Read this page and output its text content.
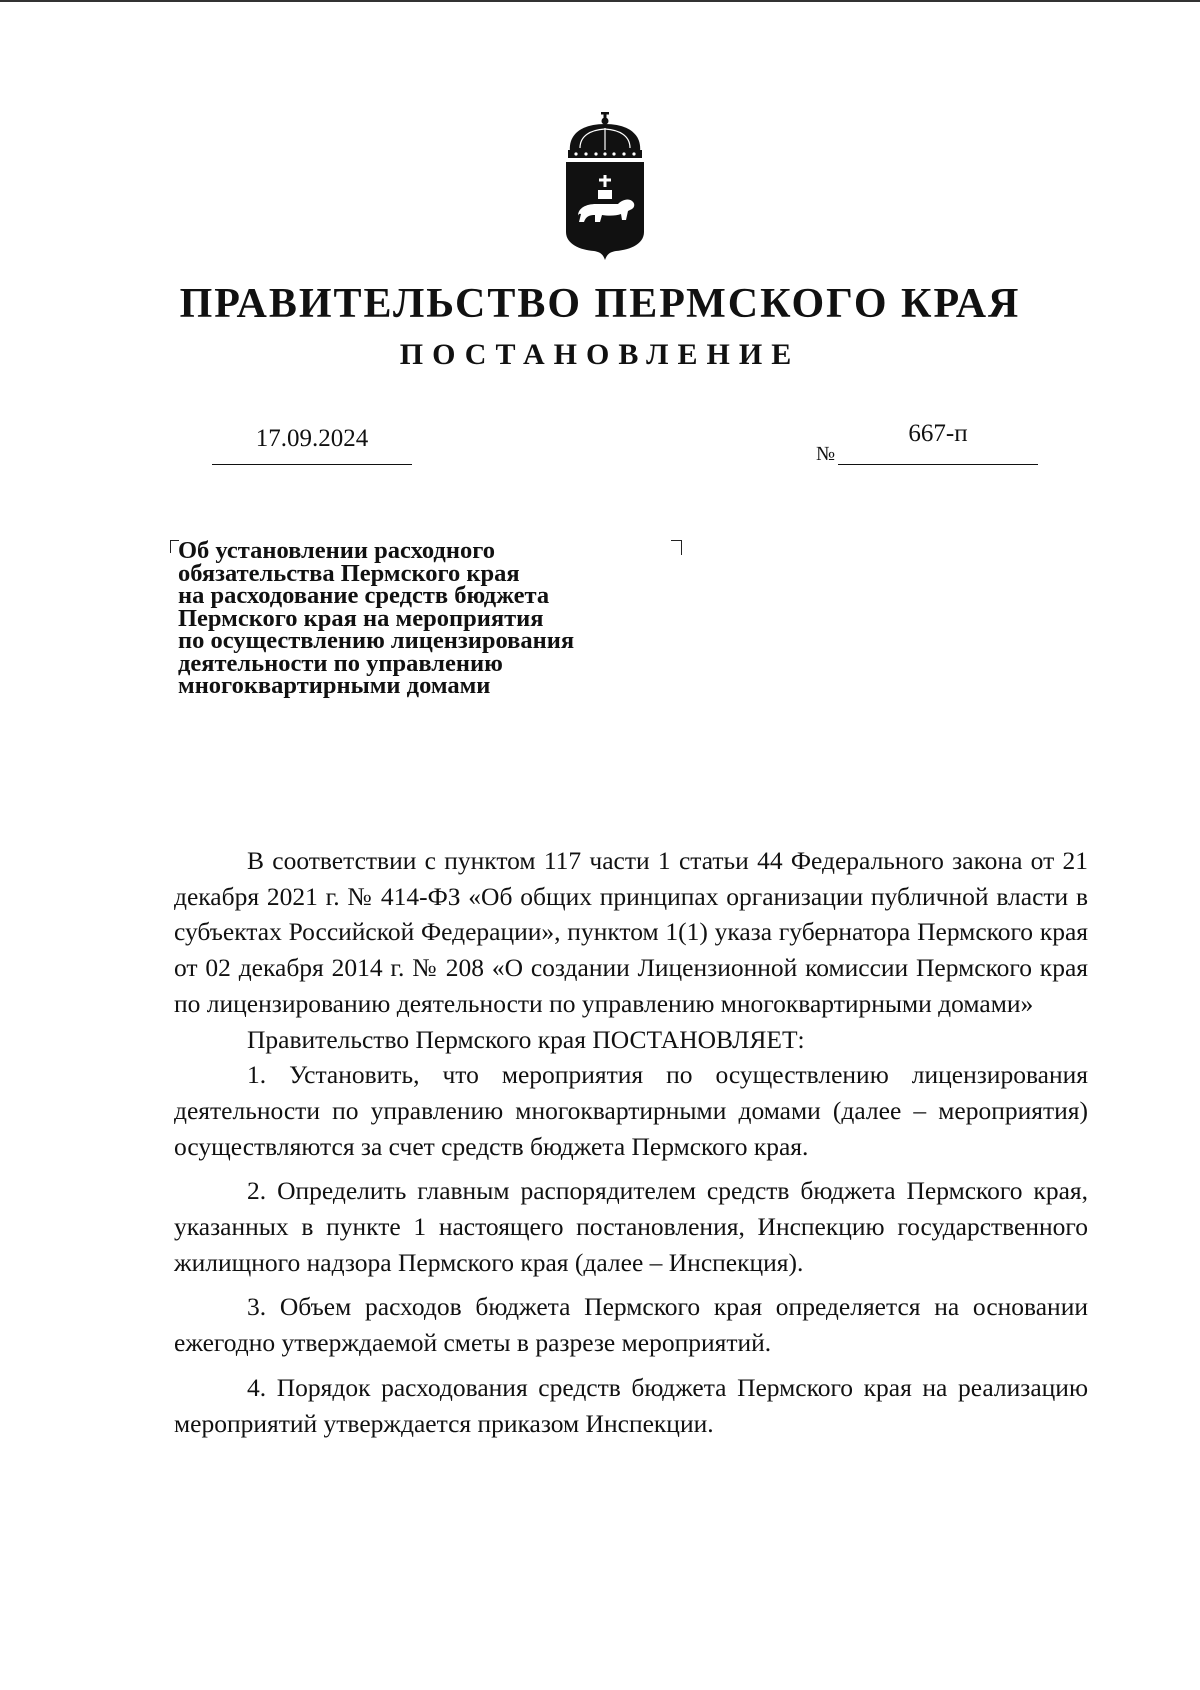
ПРАВИТЕЛЬСТВО ПЕРМСКОГО КРАЯ
ПОСТАНОВЛЕНИЕ
17.09.2024
№
667-п
Об установлении расходного
обязательства Пермского края
на расходование средств бюджета
Пермского края на мероприятия
по осуществлению лицензирования
деятельности по управлению
многоквартирными домами

В соответствии с пунктом 117 части 1 статьи 44 Федерального закона от 21 декабря 2021 г. № 414-ФЗ «Об общих принципах организации публичной власти в субъектах Российской Федерации», пунктом 1(1) указа губернатора Пермского края от 02 декабря 2014 г. № 208 «О создании Лицензионной комиссии Пермского края по лицензированию деятельности по управлению многоквартирными домами»

Правительство Пермского края ПОСТАНОВЛЯЕТ:

1. Установить, что мероприятия по осуществлению лицензирования деятельности по управлению многоквартирными домами (далее – мероприятия) осуществляются за счет средств бюджета Пермского края.

2. Определить главным распорядителем средств бюджета Пермского края, указанных в пункте 1 настоящего постановления, Инспекцию государственного жилищного надзора Пермского края (далее – Инспекция).

3. Объем расходов бюджета Пермского края определяется на основании ежегодно утверждаемой сметы в разрезе мероприятий.

4. Порядок расходования средств бюджета Пермского края на реализацию мероприятий утверждается приказом Инспекции.
